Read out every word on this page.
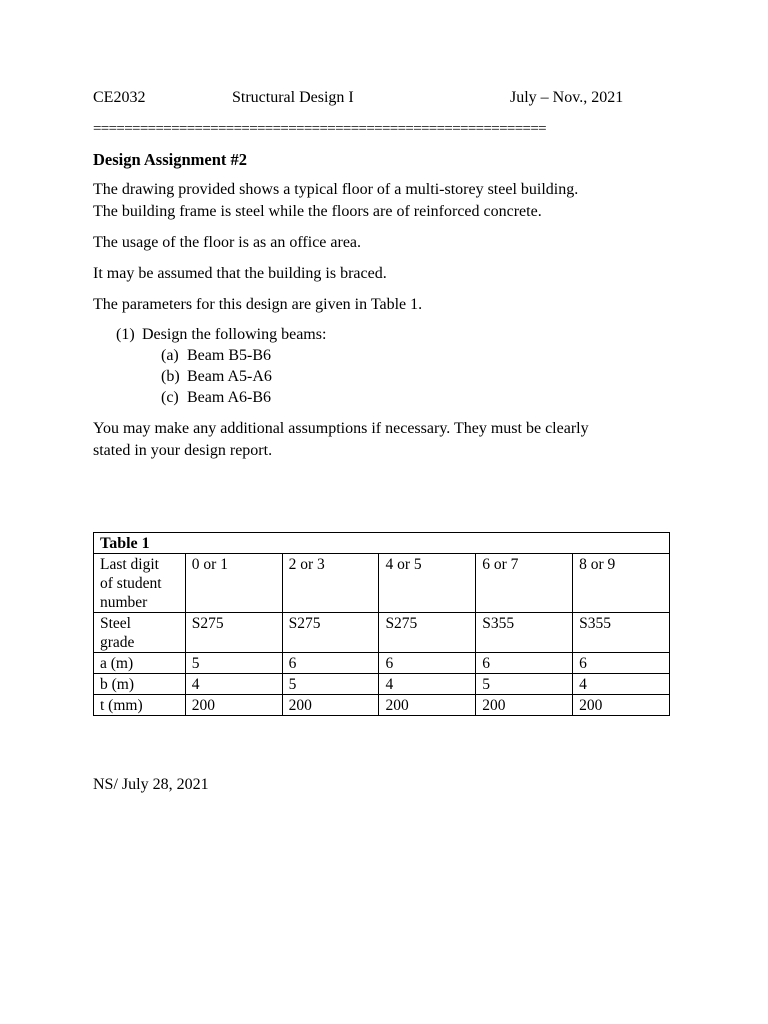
CE2032	Structural Design I	July – Nov., 2021
==========================================================
Design Assignment #2
The drawing provided shows a typical floor of a multi-storey steel building.
The building frame is steel while the floors are of reinforced concrete.
The usage of the floor is as an office area.
It may be assumed that the building is braced.
The parameters for this design are given in Table 1.
(1) Design the following beams:
(a) Beam B5-B6
(b) Beam A5-A6
(c) Beam A6-B6
You may make any additional assumptions if necessary. They must be clearly
stated in your design report.
Table 1					

Last digit
of student
number	0 or 1	2 or 3	4 or 5	6 or 7	8 or 9

Steel
grade	S275	S275	S275	S355	S355
a (m)	5	6	6	6	6
b (m)	4	5	4	5	4
t (mm)	200	200	200	200	200
NS/ July 28, 2021
